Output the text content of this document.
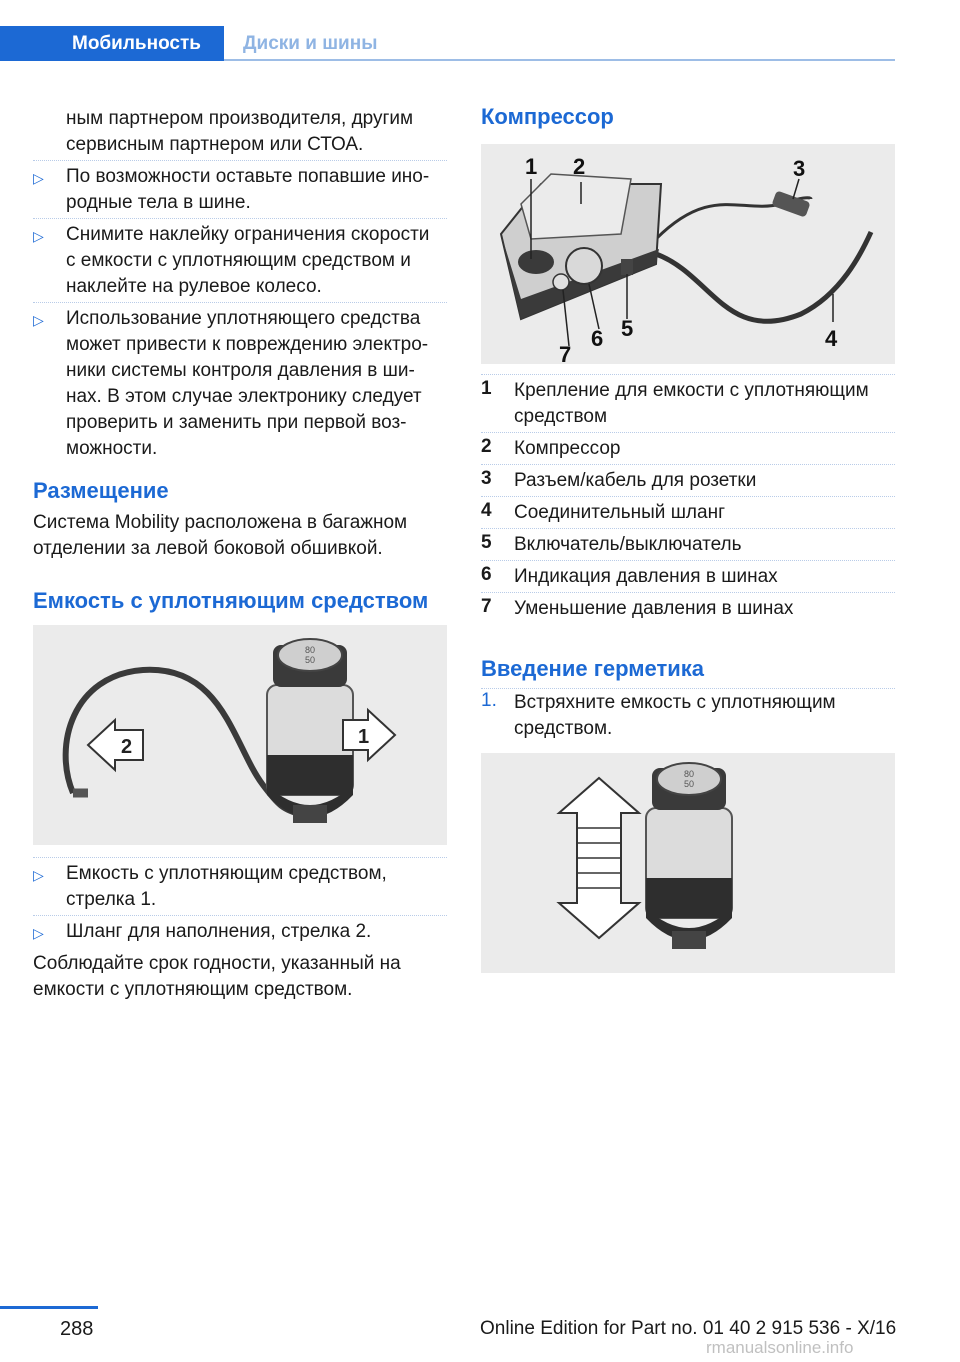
Мобильность Диски и шины

ным партнером производителя, другим

сервисным партнером или СТОА.

▷ По возможности оставьте попавшие ино-

родные тела в шине.

▷ Снимите наклейку ограничения скорости

с емкости с уплотняющим средством и

наклейте на рулевое колесо.

▷ Использование уплотняющего средства

может привести к повреждению электро-

ники системы контроля давления в ши-

нах. В этом случае электронику следует

проверить и заменить при первой воз-

можности.

Размещение

Система Mobility расположена в багажном

отделении за левой боковой обшивкой.

Емкость с уплотняющим средством
80
50
2	1
▷ Емкость с уплотняющим средством,

стрелка 1.

▷ Шланг для наполнения, стрелка 2.

Соблюдайте срок годности, указанный на

емкости с уплотняющим средством.

Компрессор
1 2	3
4
5
6
7
1 Крепление для емкости с уплотняющим

средством

2 Компрессор

3 Разъем/кабель для розетки

4 Соединительный шланг

5 Включатель/выключатель

6 Индикация давления в шинах

7 Уменьшение давления в шинах

Введение герметика
1. Встряхните емкость с уплотняющим

средством.

80
50
288	Online Edition for Part no. 01 40 2 915 536 - X/16
rmanualsonline.info
